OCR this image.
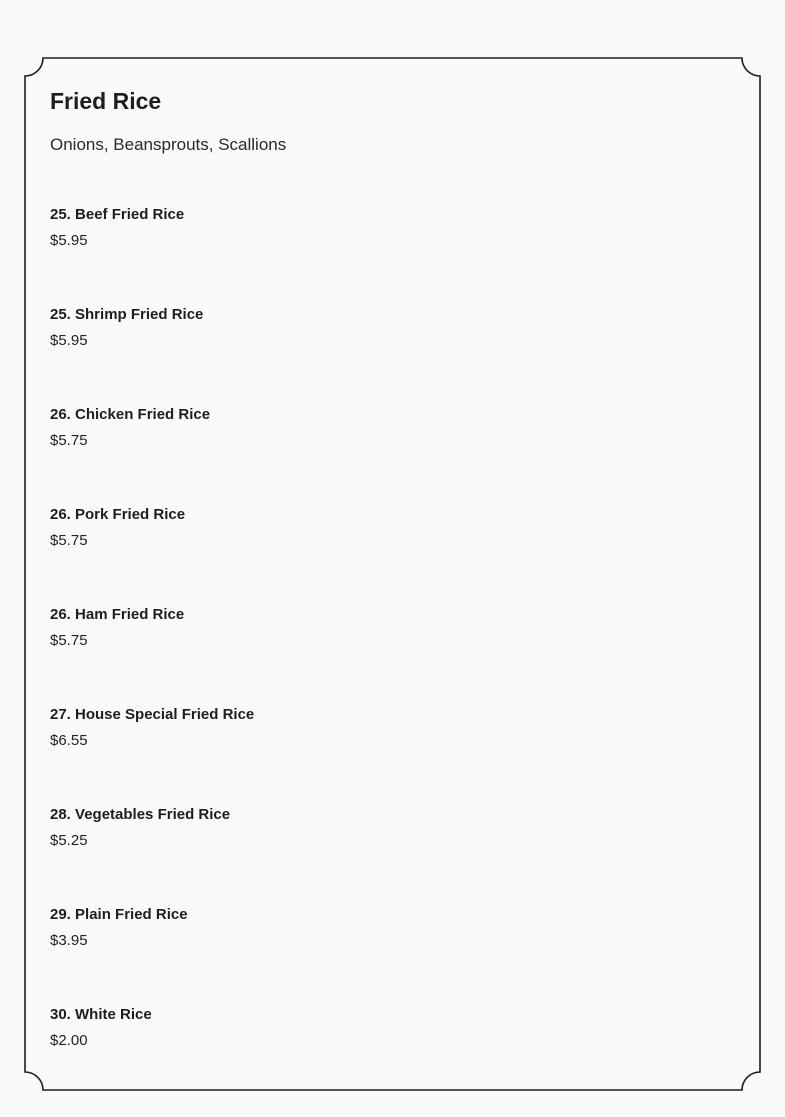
Fried Rice
Onions, Beansprouts, Scallions
25. Beef Fried Rice
$5.95
25. Shrimp Fried Rice
$5.95
26. Chicken Fried Rice
$5.75
26. Pork Fried Rice
$5.75
26. Ham Fried Rice
$5.75
27. House Special Fried Rice
$6.55
28. Vegetables Fried Rice
$5.25
29. Plain Fried Rice
$3.95
30. White Rice
$2.00
